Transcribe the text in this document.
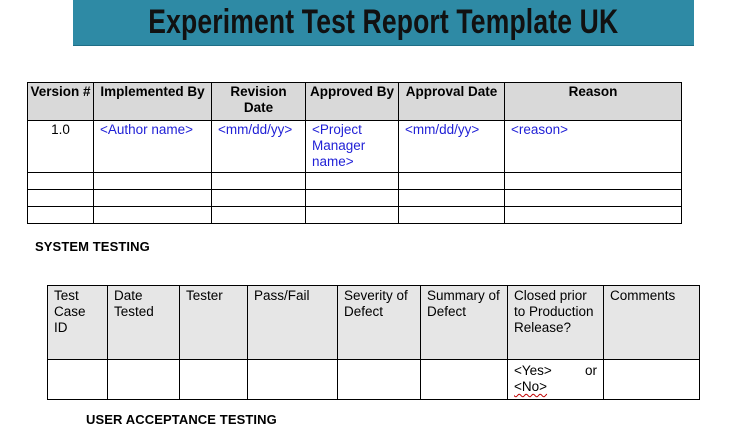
Experiment Test Report Template UK
Version #	Implemented By	Revision Date	Approved By	Approval Date	Reason
1.0	<Author name>	<mm/dd/yy>	<Project Manager name>	<mm/dd/yy>	<reason>

SYSTEM TESTING
Test Case ID	Date Tested	Tester	Pass/Fail	Severity of Defect	Summary of Defect	Closed prior to Production Release?	Comments

						<Yes> or
<No>	
USER ACCEPTANCE TESTING
